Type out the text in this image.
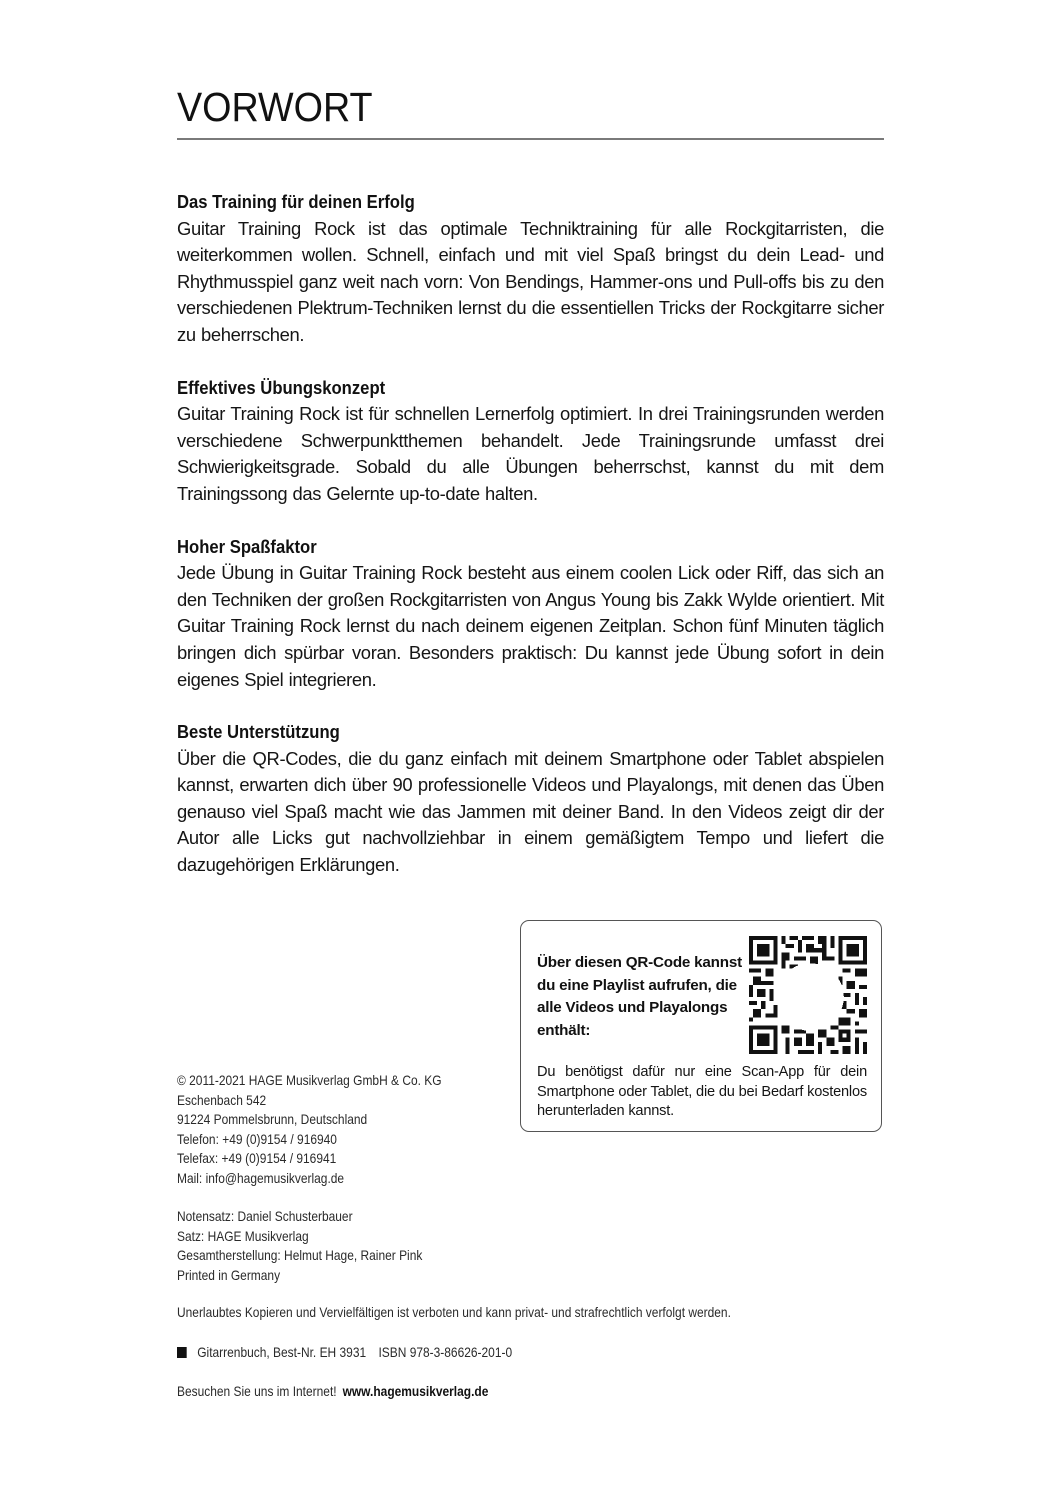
VORWORT
Das Training für deinen Erfolg

Guitar Training Rock ist das optimale Techniktraining für alle Rockgitarristen, die weiterkommen wollen. Schnell, einfach und mit viel Spaß bringst du dein Lead- und Rhythmusspiel ganz weit nach vorn: Von Bendings, Hammer-ons und Pull-offs bis zu den verschiedenen Plektrum-Techniken lernst du die essentiellen Tricks der Rockgitarre sicher zu beherrschen.

Effektives Übungskonzept

Guitar Training Rock ist für schnellen Lernerfolg optimiert. In drei Trainingsrunden werden verschiedene Schwerpunktthemen behandelt. Jede Trainingsrunde umfasst drei Schwierigkeitsgrade. Sobald du alle Übungen beherrschst, kannst du mit dem Trainingssong das Gelernte up-to-date halten.

Hoher Spaßfaktor

Jede Übung in Guitar Training Rock besteht aus einem coolen Lick oder Riff, das sich an den Techniken der großen Rockgitarristen von Angus Young bis Zakk Wylde orientiert. Mit Guitar Training Rock lernst du nach deinem eigenen Zeitplan. Schon fünf Minuten täglich bringen dich spürbar voran. Besonders praktisch: Du kannst jede Übung sofort in dein eigenes Spiel integrieren.

Beste Unterstützung

Über die QR-Codes, die du ganz einfach mit deinem Smartphone oder Tablet abspielen kannst, erwarten dich über 90 professionelle Videos und Playalongs, mit denen das Üben genauso viel Spaß macht wie das Jammen mit deiner Band. In den Videos zeigt dir der Autor alle Licks gut nachvollziehbar in einem gemäßigtem Tempo und liefert die dazugehörigen Erklärungen.

Über diesen QR-Code kannst du eine Playlist aufrufen, die alle Videos und Playalongs enthält:

Du benötigst dafür nur eine Scan-App für dein Smartphone oder Tablet, die du bei Bedarf kostenlos herunterladen kannst.

© 2011-2021 HAGE Musikverlag GmbH & Co. KG
Eschenbach 542
91224 Pommelsbrunn, Deutschland
Telefon: +49 (0)9154 / 916940
Telefax: +49 (0)9154 / 916941
Mail: info@hagemusikverlag.de
Notensatz: Daniel Schusterbauer
Satz: HAGE Musikverlag
Gesamtherstellung: Helmut Hage, Rainer Pink
Printed in Germany
Unerlaubtes Kopieren und Vervielfältigen ist verboten und kann privat- und strafrechtlich verfolgt werden.
Gitarrenbuch, Best-Nr. EH 3931 ISBN 978-3-86626-201-0
Besuchen Sie uns im Internet! www.hagemusikverlag.de
